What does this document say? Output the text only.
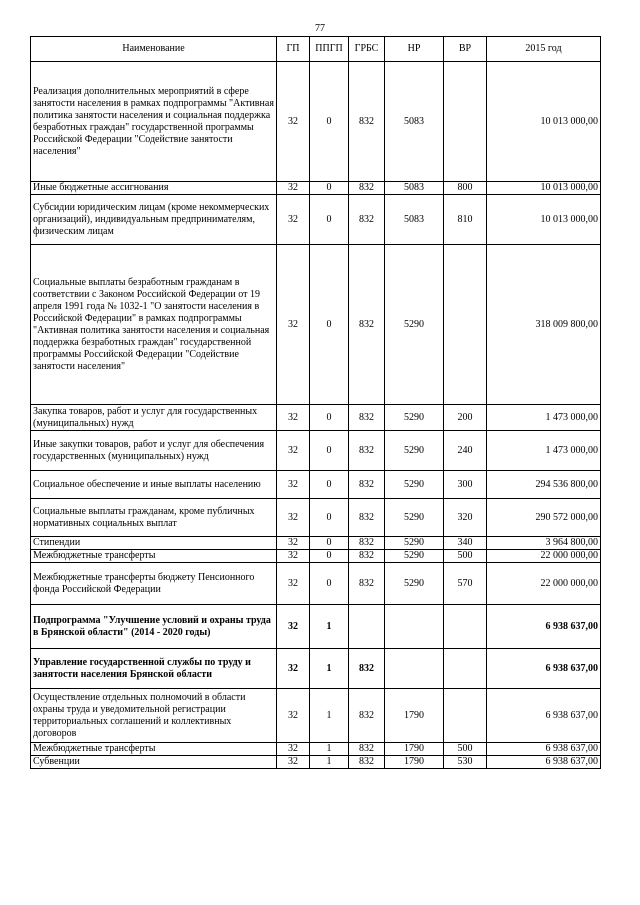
77
Наименование	ГП	ППГП	ГРБС	НР	ВР	2015 год
Реализация дополнительных мероприятий в сфере занятости населения в рамках подпрограммы "Активная политика занятости населения и социальная поддержка безработных граждан" государственной программы Российской Федерации "Содействие занятости населения"	32	0	832	5083		10 013 000,00
Иные бюджетные ассигнования	32	0	832	5083	800	10 013 000,00
Субсидии юридическим лицам (кроме некоммерческих организаций), индивидуальным предпринимателям, физическим лицам	32	0	832	5083	810	10 013 000,00
Социальные выплаты безработным гражданам в соответствии с Законом Российской Федерации от 19 апреля 1991 года № 1032-1 "О занятости населения в Российской Федерации" в рамках подпрограммы "Активная политика занятости населения и социальная поддержка безработных граждан" государственной программы Российской Федерации "Содействие занятости населения"	32	0	832	5290		318 009 800,00
Закупка товаров, работ и услуг для государственных (муниципальных) нужд	32	0	832	5290	200	1 473 000,00
Иные закупки товаров, работ и услуг для обеспечения государственных (муниципальных) нужд	32	0	832	5290	240	1 473 000,00
Социальное обеспечение и иные выплаты населению	32	0	832	5290	300	294 536 800,00
Социальные выплаты гражданам, кроме публичных нормативных социальных выплат	32	0	832	5290	320	290 572 000,00
Стипендии	32	0	832	5290	340	3 964 800,00
Межбюджетные трансферты	32	0	832	5290	500	22 000 000,00
Межбюджетные трансферты бюджету Пенсионного фонда Российской Федерации	32	0	832	5290	570	22 000 000,00
Подпрограмма "Улучшение условий и охраны труда в Брянской области" (2014 - 2020 годы)	32	1				6 938 637,00
Управление государственной службы по труду и занятости населения Брянской области	32	1	832			6 938 637,00
Осуществление отдельных полномочий в области охраны труда и уведомительной регистрации территориальных соглашений и коллективных договоров	32	1	832	1790		6 938 637,00
Межбюджетные трансферты	32	1	832	1790	500	6 938 637,00
Субвенции	32	1	832	1790	530	6 938 637,00
